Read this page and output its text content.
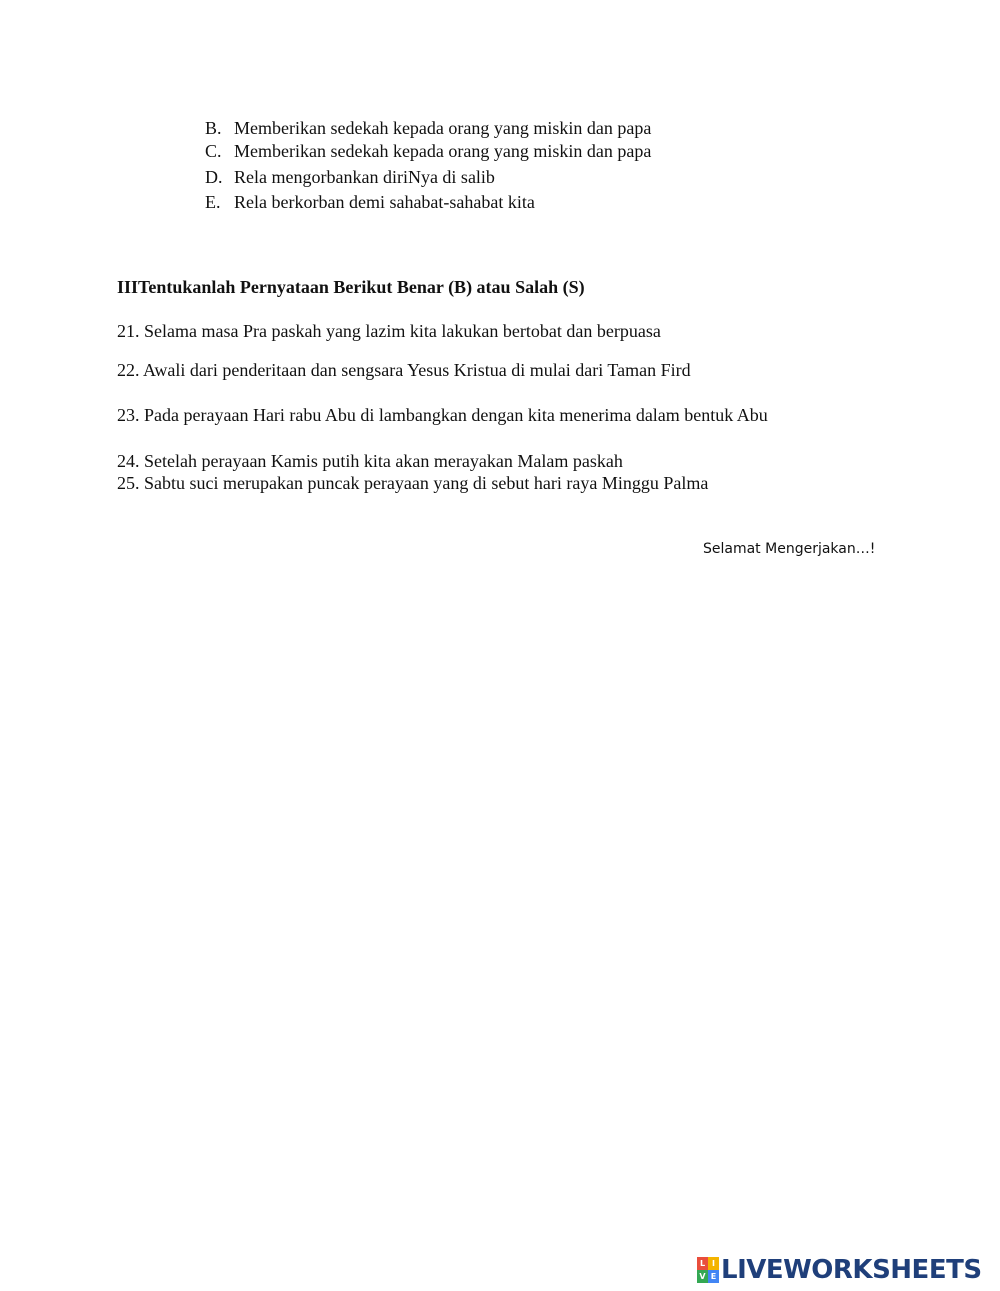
B. Memberikan sedekah kepada orang yang miskin dan papa
C. Memberikan sedekah kepada orang yang miskin dan papa
D. Rela mengorbankan diriNya di salib
E. Rela berkorban demi sahabat-sahabat kita
IIITentukanlah Pernyataan Berikut Benar (B) atau Salah (S)
21. Selama masa Pra paskah yang lazim kita lakukan bertobat dan berpuasa
22. Awali dari penderitaan dan sengsara Yesus Kristua di mulai dari Taman Fird
23. Pada perayaan Hari rabu Abu di lambangkan dengan kita menerima dalam bentuk Abu
24. Setelah perayaan Kamis putih kita akan merayakan Malam paskah
25. Sabtu suci merupakan puncak perayaan yang di sebut hari raya Minggu Palma
Selamat Mengerjakan…!
L I
V E LIVEWORKSHEETS
